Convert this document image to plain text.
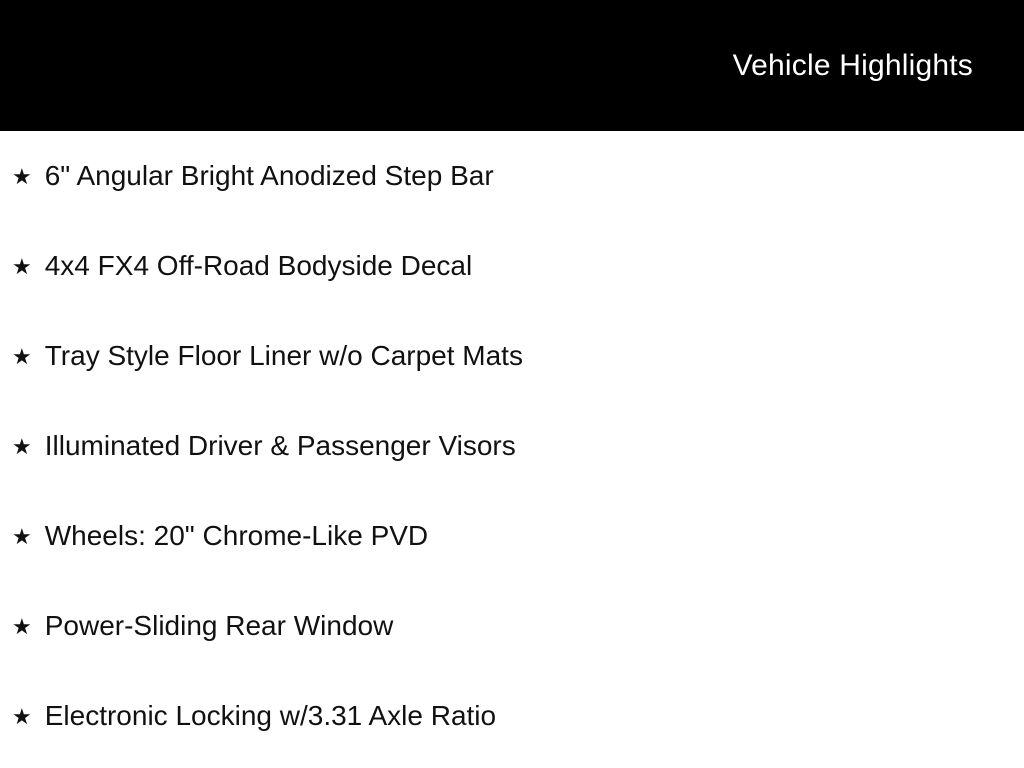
Vehicle Highlights
★ 6" Angular Bright Anodized Step Bar
★ 4x4 FX4 Off-Road Bodyside Decal
★ Tray Style Floor Liner w/o Carpet Mats
★ Illuminated Driver & Passenger Visors
★ Wheels: 20" Chrome-Like PVD
★ Power-Sliding Rear Window
★ Electronic Locking w/3.31 Axle Ratio
